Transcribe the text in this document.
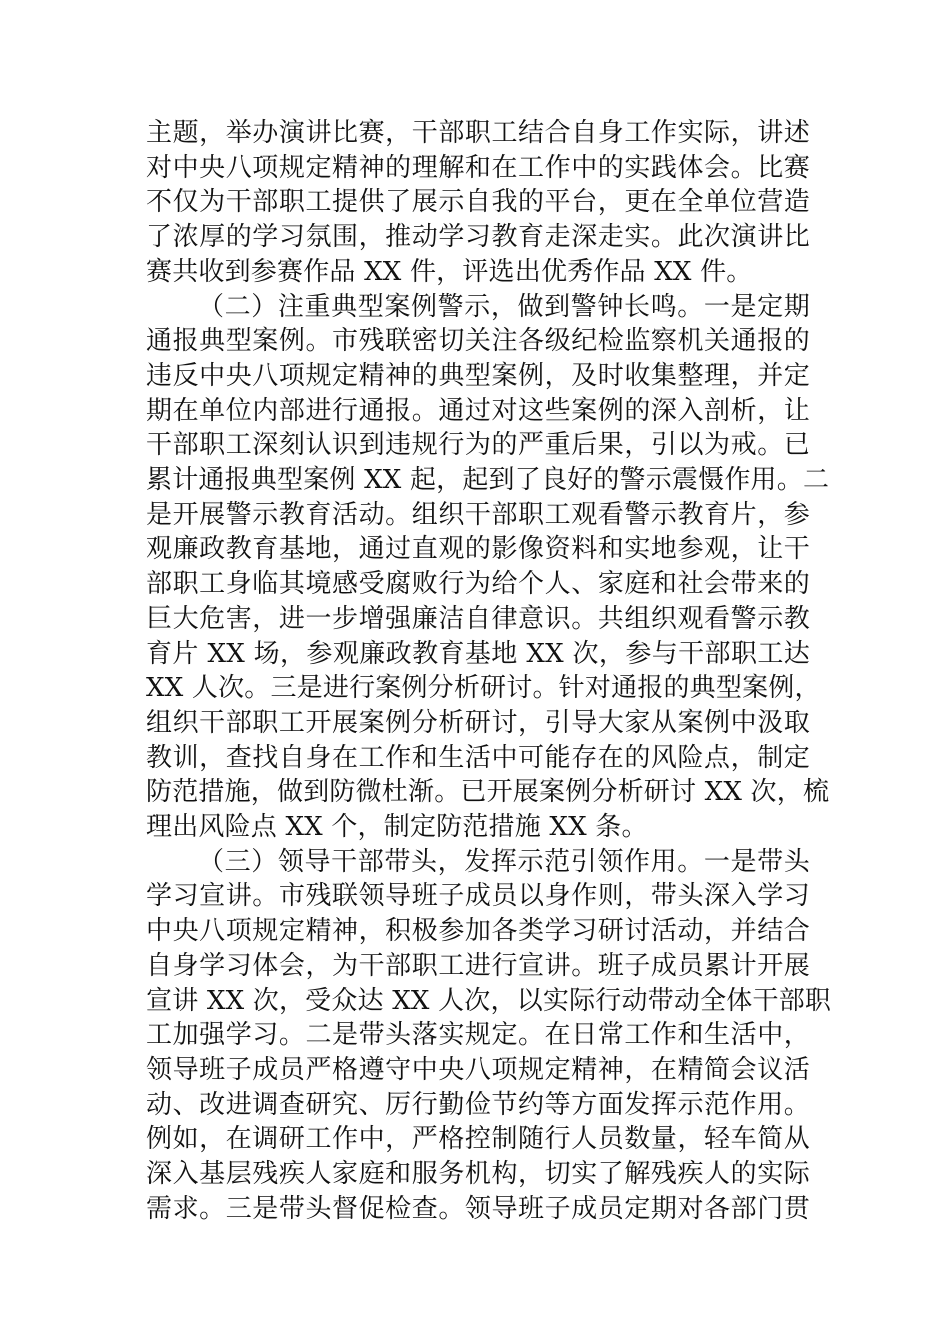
主题，举办演讲比赛，干部职工结合自身工作实际，讲述
对中央八项规定精神的理解和在工作中的实践体会。比赛
不仅为干部职工提供了展示自我的平台，更在全单位营造
了浓厚的学习氛围，推动学习教育走深走实。此次演讲比
赛共收到参赛作品 XX 件，评选出优秀作品 XX 件。
（二）注重典型案例警示，做到警钟长鸣。一是定期
通报典型案例。市残联密切关注各级纪检监察机关通报的
违反中央八项规定精神的典型案例，及时收集整理，并定
期在单位内部进行通报。通过对这些案例的深入剖析，让
干部职工深刻认识到违规行为的严重后果，引以为戒。已
累计通报典型案例 XX 起，起到了良好的警示震慑作用。二
是开展警示教育活动。组织干部职工观看警示教育片，参
观廉政教育基地，通过直观的影像资料和实地参观，让干
部职工身临其境感受腐败行为给个人、家庭和社会带来的
巨大危害，进一步增强廉洁自律意识。共组织观看警示教
育片 XX 场，参观廉政教育基地 XX 次，参与干部职工达
XX 人次。三是进行案例分析研讨。针对通报的典型案例，
组织干部职工开展案例分析研讨，引导大家从案例中汲取
教训，查找自身在工作和生活中可能存在的风险点，制定
防范措施，做到防微杜渐。已开展案例分析研讨 XX 次，梳
理出风险点 XX 个，制定防范措施 XX 条。
（三）领导干部带头，发挥示范引领作用。一是带头
学习宣讲。市残联领导班子成员以身作则，带头深入学习
中央八项规定精神，积极参加各类学习研讨活动，并结合
自身学习体会，为干部职工进行宣讲。班子成员累计开展
宣讲 XX 次，受众达 XX 人次，以实际行动带动全体干部职
工加强学习。二是带头落实规定。在日常工作和生活中，
领导班子成员严格遵守中央八项规定精神，在精简会议活
动、改进调查研究、厉行勤俭节约等方面发挥示范作用。
例如，在调研工作中，严格控制随行人员数量，轻车简从
深入基层残疾人家庭和服务机构，切实了解残疾人的实际
需求。三是带头督促检查。领导班子成员定期对各部门贯
